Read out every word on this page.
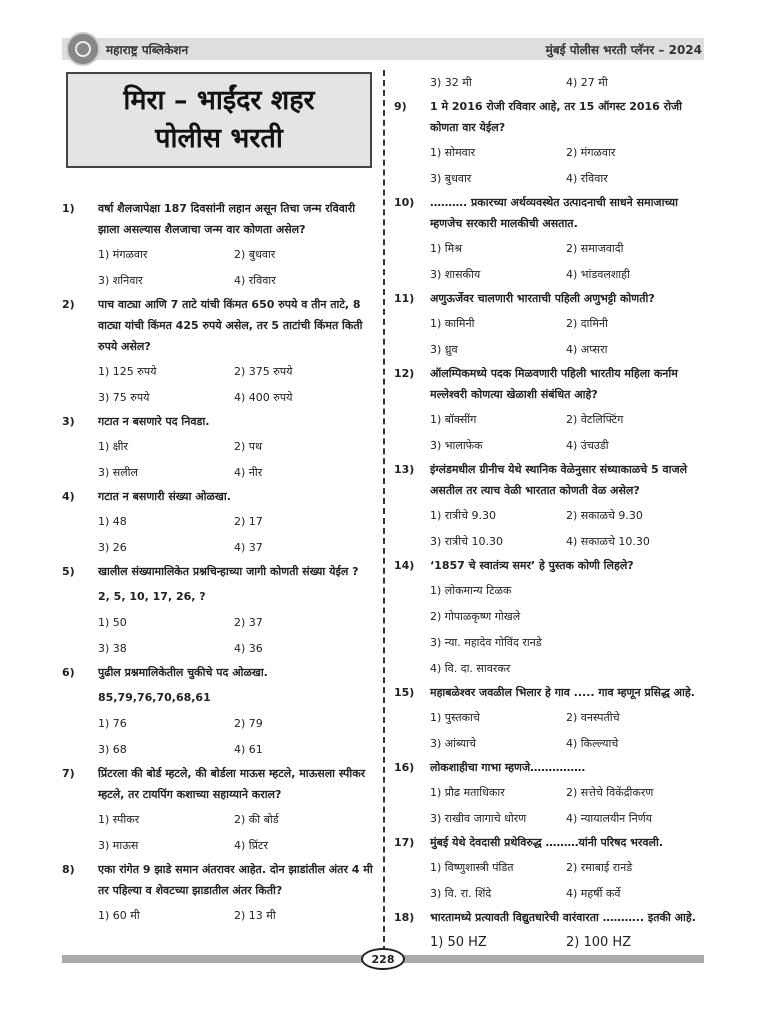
महाराष्ट्र पब्लिकेशन	मुंबई पोलीस भरती प्लॅनर – 2024
मिरा – भाईंदर शहर
पोलीस भरती
1)	वर्षा शैलजापेक्षा 187 दिवसांनी लहान असून तिचा जन्म रविवारी झाला असल्यास शैलजाचा जन्म वार कोणता असेल?
1) मंगळवार	2) बुधवार
3) शनिवार	4) रविवार
2)	पाच वाट्या आणि 7 ताटे यांची किंमत 650 रुपये व तीन ताटे, 8 वाट्या यांची किंमत 425 रुपये असेल, तर 5 ताटांची किंमत किती रुपये असेल?
1) 125 रुपये	2) 375 रुपये
3) 75 रुपये	4) 400 रुपये
3)	गटात न बसणारे पद निवडा.
1) क्षीर	2) पथ
3) सलील	4) नीर
4)	गटात न बसणारी संख्या ओळखा.
1) 48	2) 17
3) 26	4) 37
5)	खालील संख्यामालिकेत प्रश्नचिन्हाच्या जागी कोणती संख्या येईल ?
2, 5, 10, 17, 26, ?
1) 50	2) 37
3) 38	4) 36
6)	पुढील प्रश्नमालिकेतील चुकीचे पद ओळखा.
85,79,76,70,68,61
1) 76	2) 79
3) 68	4) 61
7)	प्रिंटरला की बोर्ड म्हटले, की बोर्डला माऊस म्हटले, माऊसला स्पीकर म्हटले, तर टायपिंग कशाच्या सहाय्याने कराल?
1) स्पीकर	2) की बोर्ड
3) माऊस	4) प्रिंटर
8)	एका रांगेत 9 झाडे समान अंतरावर आहेत. दोन झाडांतील अंतर 4 मी तर पहिल्या व शेवटच्या झाडातील अंतर किती?
1) 60 मी	2) 13 मी
3) 32 मी	4) 27 मी
9)	1 मे 2016 रोजी रविवार आहे, तर 15 ऑगस्ट 2016 रोजी कोणता वार येईल?
1) सोमवार	2) मंगळवार
3) बुधवार	4) रविवार
10)	………. प्रकारच्या अर्थव्यवस्थेत उत्पादनाची साधने समाजाच्या म्हणजेच सरकारी मालकीची असतात.
1) मिश्र	2) समाजवादी
3) शासकीय	4) भांडवलशाही
11)	अणुऊर्जेवर चालणारी भारताची पहिली अणुभट्टी कोणती?
1) कामिनी	2) दामिनी
3) ध्रुव	4) अप्सरा
12)	ऑलम्पिकमध्ये पदक मिळवणारी पहिली भारतीय महिला कर्नाम मल्लेश्वरी कोणत्या खेळाशी संबंधित आहे?
1) बॉक्सींग	2) वेटलिफ्टिंग
3) भालाफेक	4) उंचउडी
13)	इंग्लंडमधील ग्रीनीच येथे स्थानिक वेळेनुसार संध्याकाळचे 5 वाजले असतील तर त्याच वेळी भारतात कोणती वेळ असेल?
1) रात्रीचे 9.30	2) सकाळचे 9.30
3) रात्रीचे 10.30	4) सकाळचे 10.30
14)	‘1857 चे स्वातंत्र्य समर’ हे पुस्तक कोणी लिहले?
1) लोकमान्य टिळक
2) गोपाळकृष्ण गोखले
3) न्या. महादेव गोविंद रानडे
4) वि. दा. सावरकर
15)	महाबळेश्वर जवळील भिलार हे गाव ..... गाव म्हणून प्रसिद्ध आहे.
1) पुस्तकाचे	2) वनस्पतीचे
3) आंब्याचे	4) किल्ल्याचे
16)	लोकशाहीचा गाभा म्हणजे……………
1) प्रौढ मताधिकार	2) सत्तेचे विकेंद्रीकरण
3) राखीव जागाचे धोरण	4) न्यायालयीन निर्णय
17)	मुंबई येथे देवदासी प्रथेविरुद्ध ………यांनी परिषद भरवली.
1) विष्णुशास्त्री पंडित	2) रमाबाई रानडे
3) वि. रा. शिंदे	4) महर्षी कर्वे
18)	भारतामध्ये प्रत्यावती विद्युतधारेची वारंवारता ……….. इतकी आहे.
1) 50 HZ	2) 100 HZ
228
